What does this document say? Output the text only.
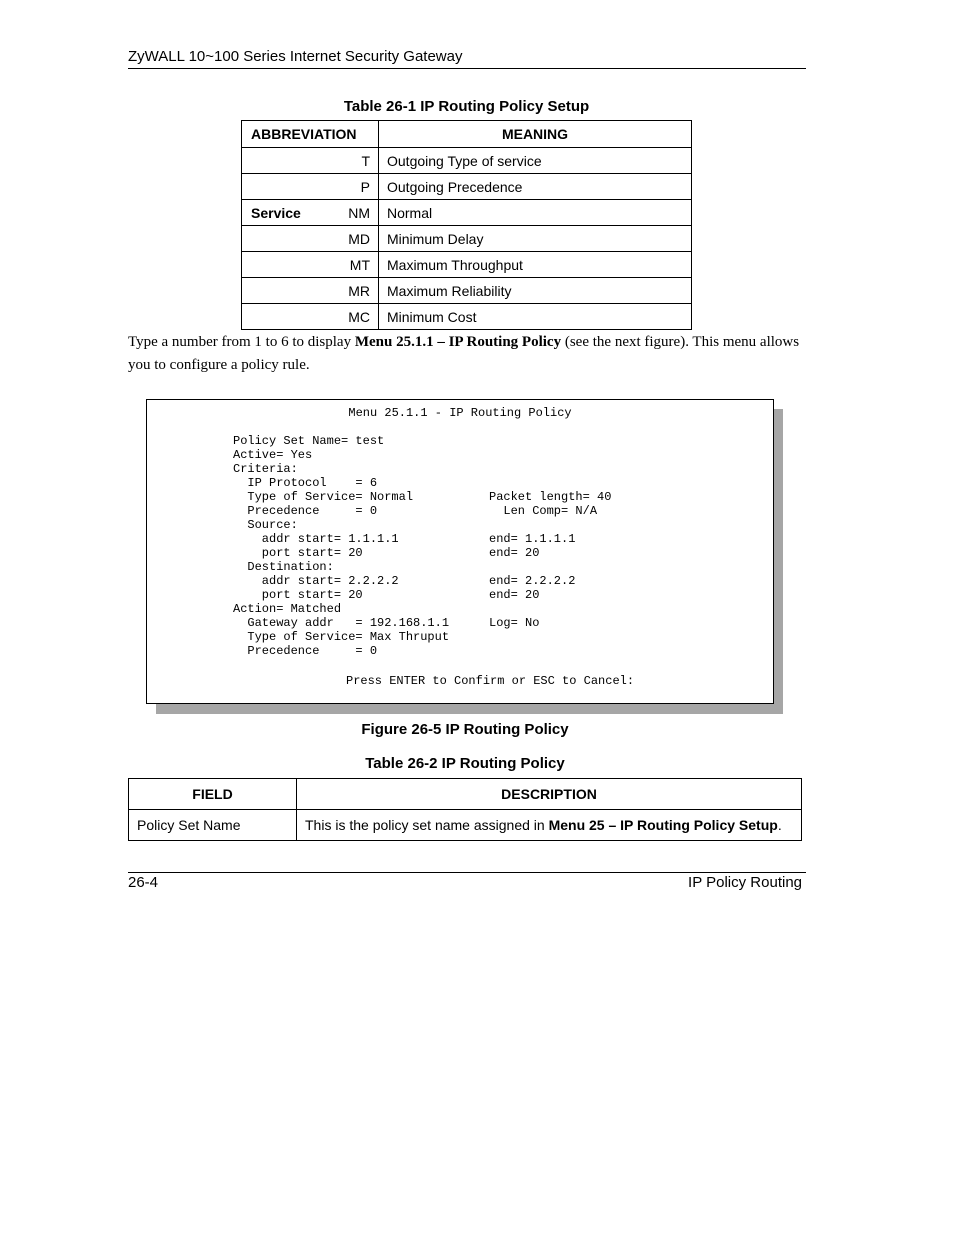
ZyWALL 10~100 Series Internet Security Gateway
Table 26-1 IP Routing Policy Setup
ABBREVIATION	MEANING
T	Outgoing Type of service
P	Outgoing Precedence

Service NM	Normal
MD	Minimum Delay
MT	Maximum Throughput
MR	Maximum Reliability
MC	Minimum Cost
Type a number from 1 to 6 to display Menu 25.1.1 – IP Routing Policy (see the next figure). This menu allows you to configure a policy rule.
Menu 25.1.1 - IP Routing Policy
Policy Set Name= test
Active= Yes
Criteria:
IP Protocol    = 6
Type of Service= Normal
Precedence     = 0
Source:
addr start= 1.1.1.1
port start= 20
Destination:
addr start= 2.2.2.2
port start= 20
Action= Matched
Gateway addr   = 192.168.1.1
Type of Service= Max Thruput
Precedence     = 0

Packet length= 40
Len Comp= N/A

end= 1.1.1.1
end= 20

end= 2.2.2.2
end= 20

Log= No

Press ENTER to Confirm or ESC to Cancel:
Figure 26-5 IP Routing Policy
Table 26-2 IP Routing Policy
FIELD	DESCRIPTION
Policy Set Name	This is the policy set name assigned in Menu 25 – IP Routing Policy Setup.
26-4	IP Policy Routing
